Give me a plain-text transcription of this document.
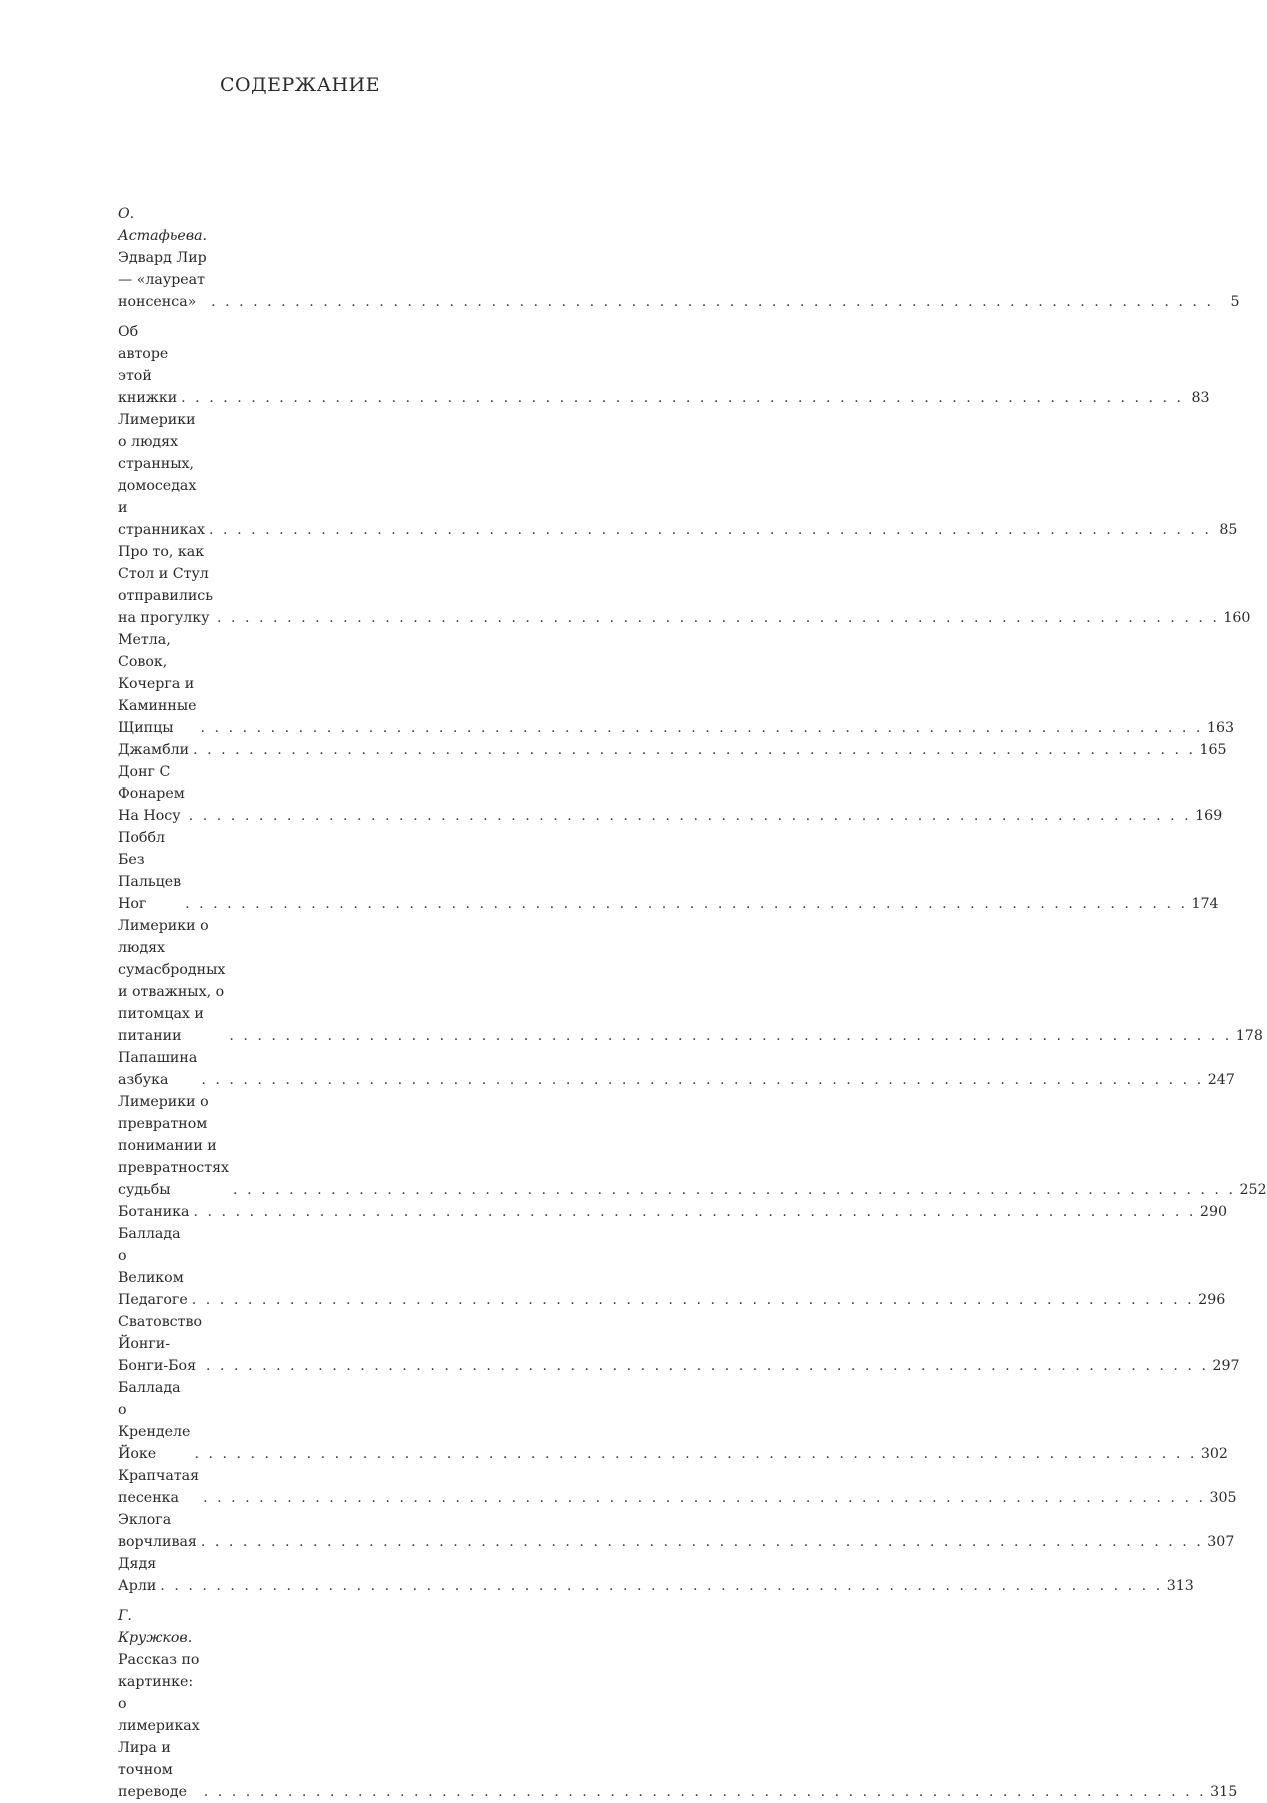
СОДЕРЖАНИЕ
О. Астафьева. Эдвард Лир — «лауреат нонсенса» . . .	5
Об авторе этой книжки . . .	83
Лимерики о людях странных, домоседах и странниках . . .	85
Про то, как Стол и Стул отправились на прогулку . . .	160
Метла, Совок, Кочерга и Каминные Щипцы . . .	163
Джамбли . . .	165
Донг С Фонарем На Носу . . .	169
Поббл Без Пальцев Ног . . .	174
Лимерики о людях сумасбродных и отважных, о питомцах и питании . . .	178
Папашина азбука . . .	247
Лимерики о превратном понимании и превратностях судьбы . . .	252
Ботаника . . .	290
Баллада о Великом Педагоге . . .	296
Сватовство Йонги-Бонги-Боя . . .	297
Баллада о Кренделе Йоке . . .	302
Крапчатая песенка . . .	305
Эклога ворчливая . . .	307
Дядя Арли . . .	313
Г. Кружков. Рассказ по картинке: о лимериках Лира и точном переводе . . .	315
